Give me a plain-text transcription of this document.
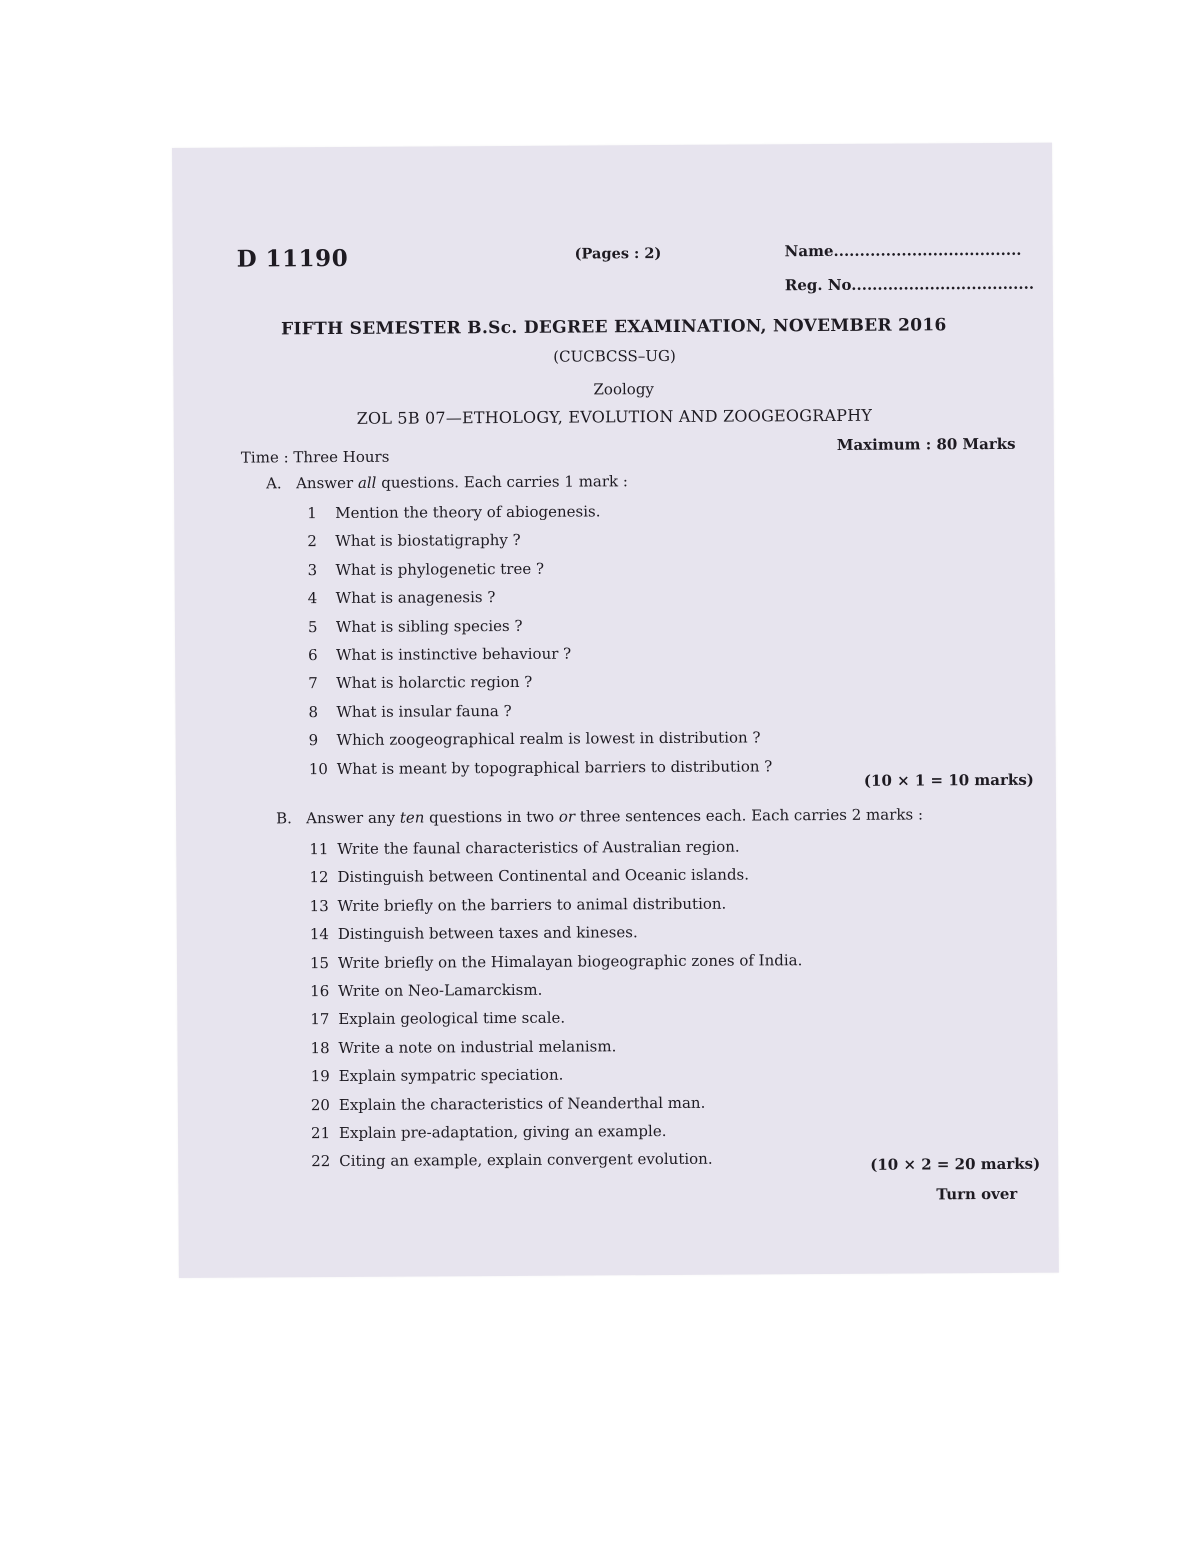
D 11190	(Pages : 2)	Name....................................
Reg. No...................................
FIFTH SEMESTER B.Sc. DEGREE EXAMINATION, NOVEMBER 2016
(CUCBCSS–UG)
Zoology
ZOL 5B 07—ETHOLOGY, EVOLUTION AND ZOOGEOGRAPHY
Maximum : 80 Marks
Time : Three Hours
A. Answer all questions. Each carries 1 mark :
1 Mention the theory of abiogenesis.
2 What is biostatigraphy ?
3 What is phylogenetic tree ?
4 What is anagenesis ?
5 What is sibling species ?
6 What is instinctive behaviour ?
7 What is holarctic region ?
8 What is insular fauna ?
9 Which zoogeographical realm is lowest in distribution ?
10 What is meant by topographical barriers to distribution ?
(10 × 1 = 10 marks)
B. Answer any ten questions in two or three sentences each. Each carries 2 marks :
11 Write the faunal characteristics of Australian region.
12 Distinguish between Continental and Oceanic islands.
13 Write briefly on the barriers to animal distribution.
14 Distinguish between taxes and kineses.
15 Write briefly on the Himalayan biogeographic zones of India.
16 Write on Neo-Lamarckism.
17 Explain geological time scale.
18 Write a note on industrial melanism.
19 Explain sympatric speciation.
20 Explain the characteristics of Neanderthal man.
21 Explain pre-adaptation, giving an example.
22 Citing an example, explain convergent evolution.	(10 × 2 = 20 marks)
Turn over
